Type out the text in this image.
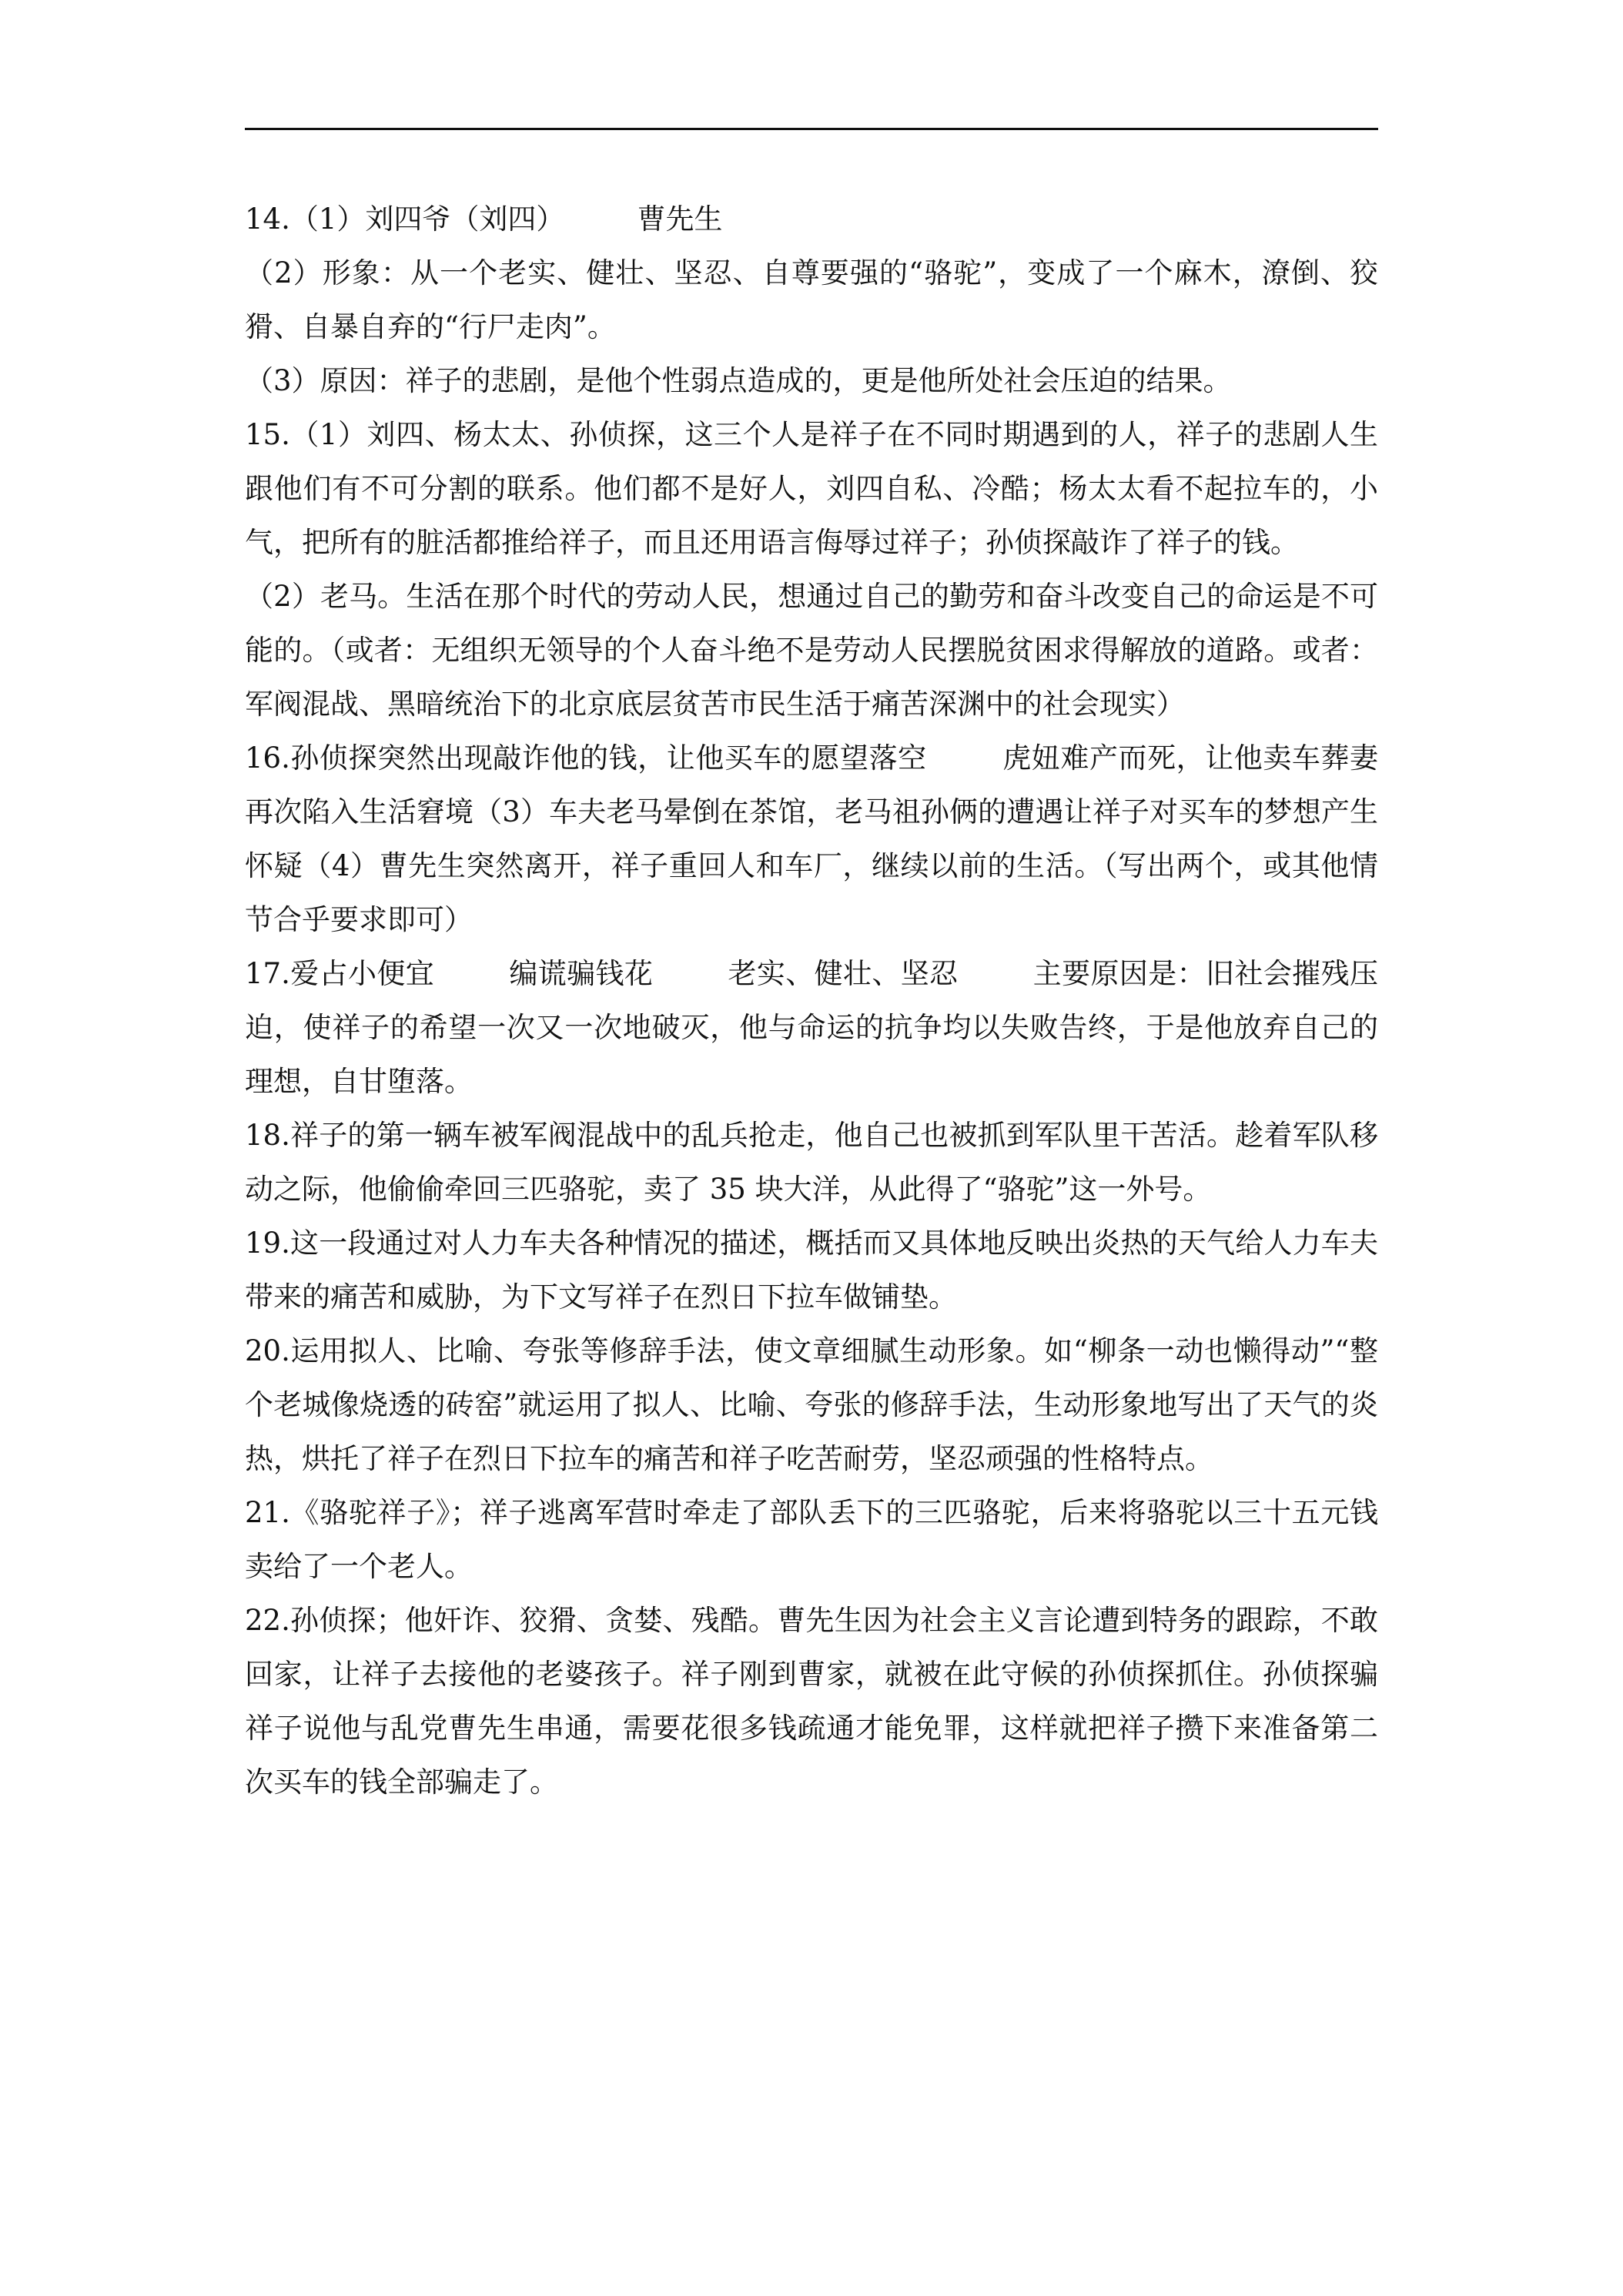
14.（1）刘四爷（刘四）        曹先生

（2）形象：从一个老实、健壮、坚忍、自尊要强的“骆驼”，变成了一个麻木，潦倒、狡猾、自暴自弃的“行尸走肉”。

（3）原因：祥子的悲剧，是他个性弱点造成的，更是他所处社会压迫的结果。

15.（1）刘四、杨太太、孙侦探，这三个人是祥子在不同时期遇到的人，祥子的悲剧人生跟他们有不可分割的联系。他们都不是好人，刘四自私、冷酷；杨太太看不起拉车的，小气，把所有的脏活都推给祥子，而且还用语言侮辱过祥子；孙侦探敲诈了祥子的钱。

（2）老马。生活在那个时代的劳动人民，想通过自己的勤劳和奋斗改变自己的命运是不可能的。（或者：无组织无领导的个人奋斗绝不是劳动人民摆脱贫困求得解放的道路。或者：军阀混战、黑暗统治下的北京底层贫苦市民生活于痛苦深渊中的社会现实）

16.孙侦探突然出现敲诈他的钱，让他买车的愿望落空        虎妞难产而死，让他卖车葬妻再次陷入生活窘境（3）车夫老马晕倒在茶馆，老马祖孙俩的遭遇让祥子对买车的梦想产生怀疑（4）曹先生突然离开，祥子重回人和车厂，继续以前的生活。（写出两个，或其他情节合乎要求即可）

17.爱占小便宜        编谎骗钱花        老实、健壮、坚忍        主要原因是：旧社会摧残压迫，使祥子的希望一次又一次地破灭，他与命运的抗争均以失败告终，于是他放弃自己的理想，自甘堕落。

18.祥子的第一辆车被军阀混战中的乱兵抢走，他自己也被抓到军队里干苦活。趁着军队移动之际，他偷偷牵回三匹骆驼，卖了 35 块大洋，从此得了“骆驼”这一外号。

19.这一段通过对人力车夫各种情况的描述，概括而又具体地反映出炎热的天气给人力车夫带来的痛苦和威胁，为下文写祥子在烈日下拉车做铺垫。

20.运用拟人、比喻、夸张等修辞手法，使文章细腻生动形象。如“柳条一动也懒得动”“整个老城像烧透的砖窑”就运用了拟人、比喻、夸张的修辞手法，生动形象地写出了天气的炎热，烘托了祥子在烈日下拉车的痛苦和祥子吃苦耐劳，坚忍顽强的性格特点。

21.《骆驼祥子》；祥子逃离军营时牵走了部队丢下的三匹骆驼，后来将骆驼以三十五元钱卖给了一个老人。

22.孙侦探；他奸诈、狡猾、贪婪、残酷。曹先生因为社会主义言论遭到特务的跟踪，不敢回家，让祥子去接他的老婆孩子。祥子刚到曹家，就被在此守候的孙侦探抓住。孙侦探骗祥子说他与乱党曹先生串通，需要花很多钱疏通才能免罪，这样就把祥子攒下来准备第二次买车的钱全部骗走了。
